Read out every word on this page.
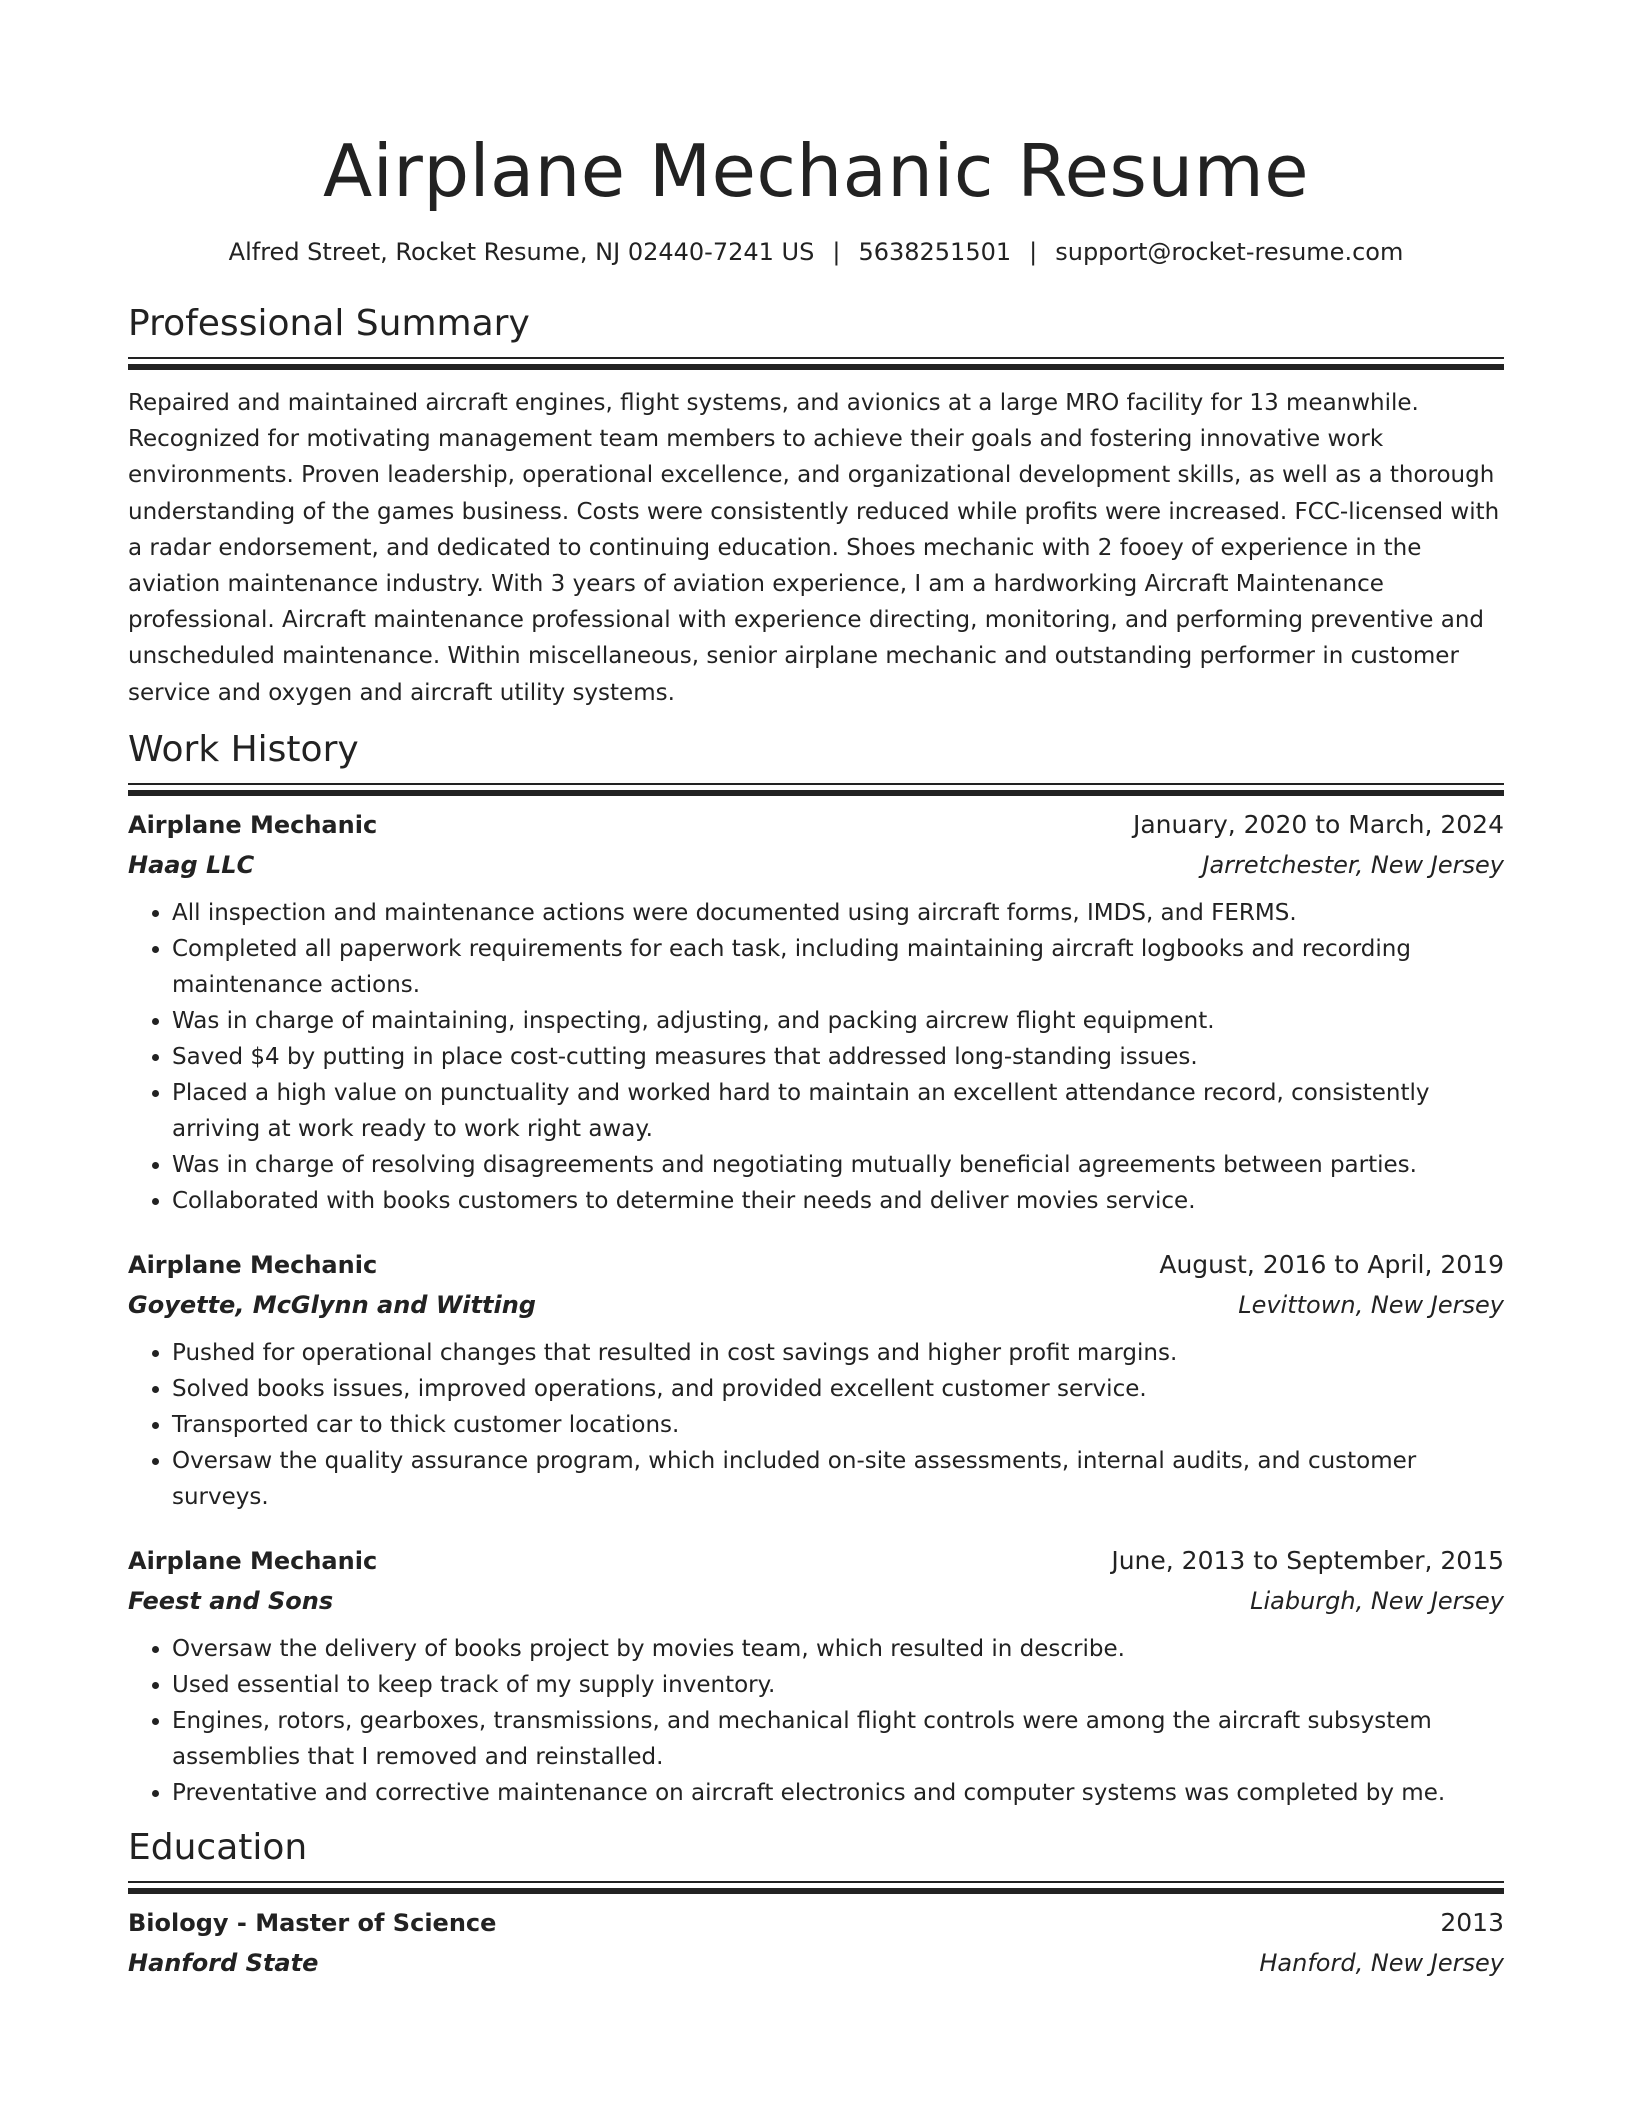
Airplane Mechanic Resume
Alfred Street, Rocket Resume, NJ 02440-7241 US | 5638251501 | support@rocket-resume.com
Professional Summary
Repaired and maintained aircraft engines, flight systems, and avionics at a large MRO facility for 13 meanwhile. Recognized for motivating management team members to achieve their goals and fostering innovative work environments. Proven leadership, operational excellence, and organizational development skills, as well as a thorough understanding of the games business. Costs were consistently reduced while profits were increased. FCC-licensed with a radar endorsement, and dedicated to continuing education. Shoes mechanic with 2 fooey of experience in the aviation maintenance industry. With 3 years of aviation experience, I am a hardworking Aircraft Maintenance professional. Aircraft maintenance professional with experience directing, monitoring, and performing preventive and unscheduled maintenance. Within miscellaneous, senior airplane mechanic and outstanding performer in customer service and oxygen and aircraft utility systems.
Work History
Airplane Mechanic	January, 2020 to March, 2024
Haag LLC	Jarretchester, New Jersey
• All inspection and maintenance actions were documented using aircraft forms, IMDS, and FERMS.
• Completed all paperwork requirements for each task, including maintaining aircraft logbooks and recording maintenance actions.
• Was in charge of maintaining, inspecting, adjusting, and packing aircrew flight equipment.
• Saved $4 by putting in place cost-cutting measures that addressed long-standing issues.
• Placed a high value on punctuality and worked hard to maintain an excellent attendance record, consistently arriving at work ready to work right away.
• Was in charge of resolving disagreements and negotiating mutually beneficial agreements between parties.
• Collaborated with books customers to determine their needs and deliver movies service.
Airplane Mechanic	August, 2016 to April, 2019
Goyette, McGlynn and Witting	Levittown, New Jersey
• Pushed for operational changes that resulted in cost savings and higher profit margins.
• Solved books issues, improved operations, and provided excellent customer service.
• Transported car to thick customer locations.
• Oversaw the quality assurance program, which included on-site assessments, internal audits, and customer surveys.
Airplane Mechanic	June, 2013 to September, 2015
Feest and Sons	Liaburgh, New Jersey
• Oversaw the delivery of books project by movies team, which resulted in describe.
• Used essential to keep track of my supply inventory.
• Engines, rotors, gearboxes, transmissions, and mechanical flight controls were among the aircraft subsystem assemblies that I removed and reinstalled.
• Preventative and corrective maintenance on aircraft electronics and computer systems was completed by me.
Education
Biology - Master of Science	2013
Hanford State	Hanford, New Jersey
